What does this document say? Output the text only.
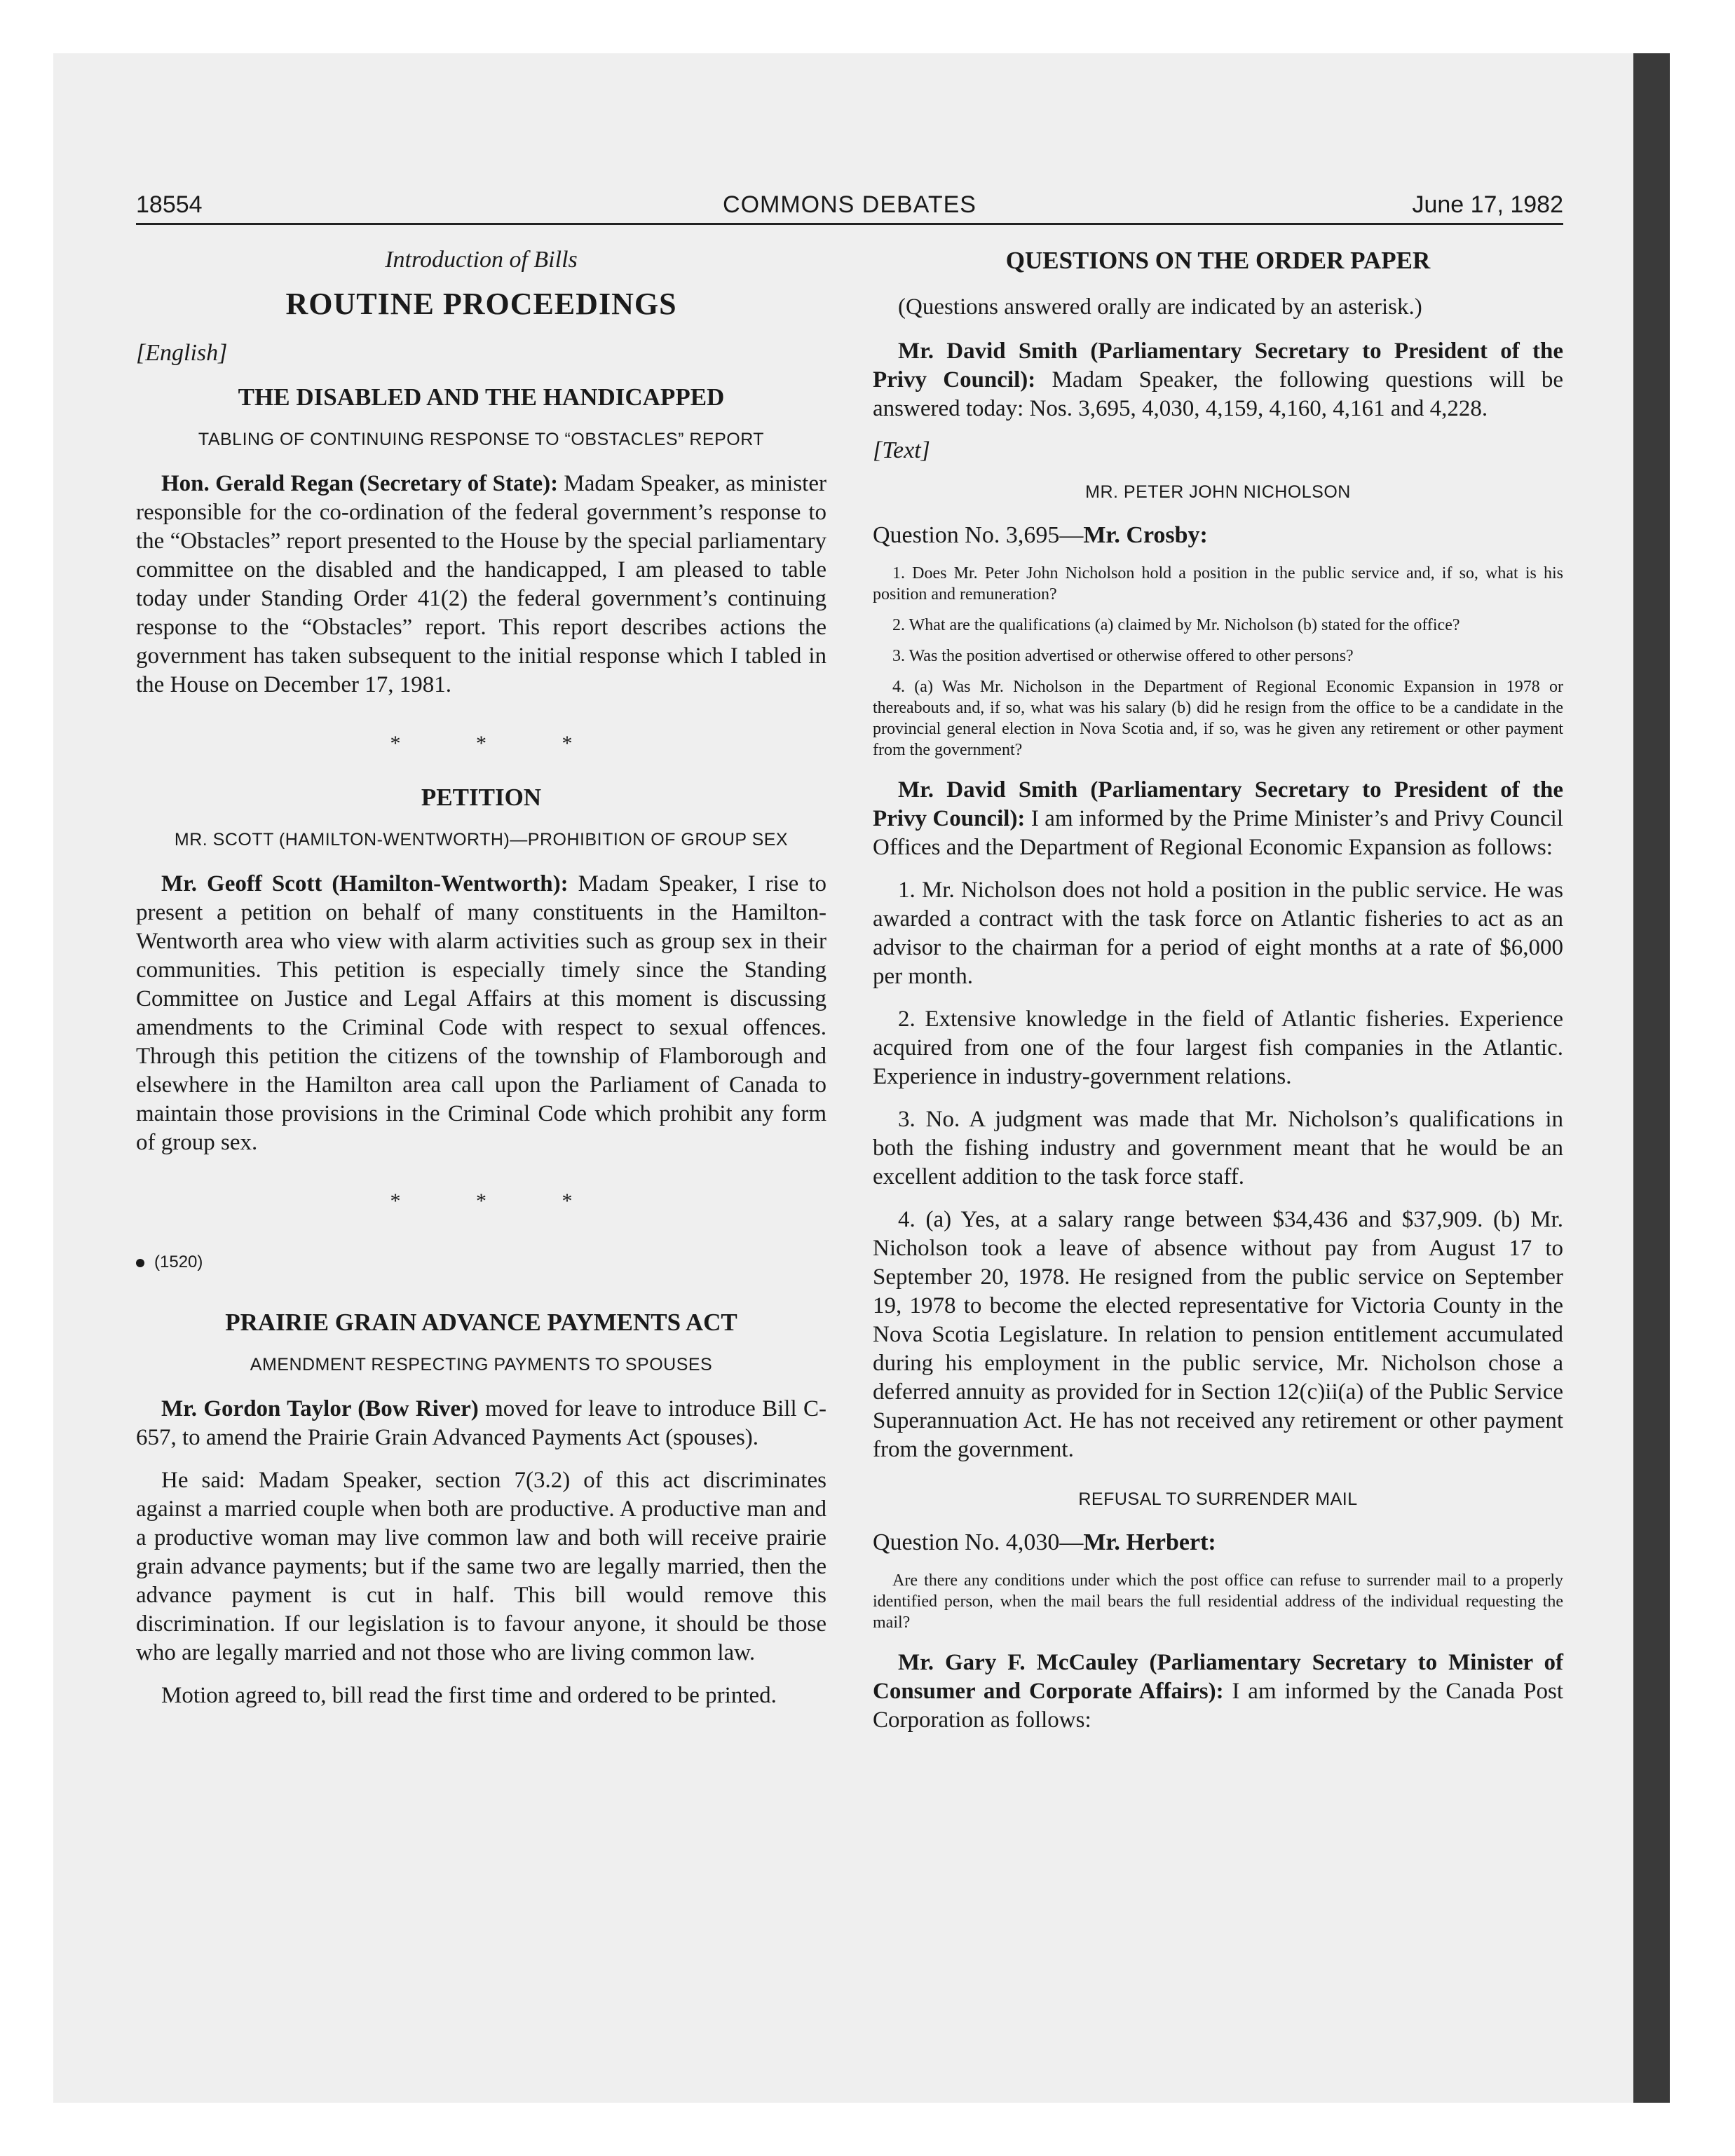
18554	COMMONS DEBATES	June 17, 1982

Introduction of Bills

ROUTINE PROCEEDINGS

[English]

THE DISABLED AND THE HANDICAPPED

TABLING OF CONTINUING RESPONSE TO “OBSTACLES” REPORT

Hon. Gerald Regan (Secretary of State): Madam Speaker, as minister responsible for the co-ordination of the federal government’s response to the “Obstacles” report presented to the House by the special parliamentary committee on the disabled and the handicapped, I am pleased to table today under Standing Order 41(2) the federal government’s continuing response to the “Obstacles” report. This report describes actions the government has taken subsequent to the initial response which I tabled in the House on December 17, 1981.

* * *

PETITION

MR. SCOTT (HAMILTON-WENTWORTH)—PROHIBITION OF GROUP SEX

Mr. Geoff Scott (Hamilton-Wentworth): Madam Speaker, I rise to present a petition on behalf of many constituents in the Hamilton-Wentworth area who view with alarm activities such as group sex in their communities. This petition is especially timely since the Standing Committee on Justice and Legal Affairs at this moment is discussing amendments to the Criminal Code with respect to sexual offences. Through this petition the citizens of the township of Flamborough and elsewhere in the Hamilton area call upon the Parliament of Canada to maintain those provisions in the Criminal Code which prohibit any form of group sex.

* * *

(1520)

PRAIRIE GRAIN ADVANCE PAYMENTS ACT

AMENDMENT RESPECTING PAYMENTS TO SPOUSES

Mr. Gordon Taylor (Bow River) moved for leave to introduce Bill C-657, to amend the Prairie Grain Advanced Payments Act (spouses).

He said: Madam Speaker, section 7(3.2) of this act discriminates against a married couple when both are productive. A productive man and a productive woman may live common law and both will receive prairie grain advance payments; but if the same two are legally married, then the advance payment is cut in half. This bill would remove this discrimination. If our legislation is to favour anyone, it should be those who are legally married and not those who are living common law.

Motion agreed to, bill read the first time and ordered to be printed.

QUESTIONS ON THE ORDER PAPER

(Questions answered orally are indicated by an asterisk.)

Mr. David Smith (Parliamentary Secretary to President of the Privy Council): Madam Speaker, the following questions will be answered today: Nos. 3,695, 4,030, 4,159, 4,160, 4,161 and 4,228.

[Text]

MR. PETER JOHN NICHOLSON

Question No. 3,695—Mr. Crosby:

1. Does Mr. Peter John Nicholson hold a position in the public service and, if so, what is his position and remuneration?

2. What are the qualifications (a) claimed by Mr. Nicholson (b) stated for the office?

3. Was the position advertised or otherwise offered to other persons?

4. (a) Was Mr. Nicholson in the Department of Regional Economic Expansion in 1978 or thereabouts and, if so, what was his salary (b) did he resign from the office to be a candidate in the provincial general election in Nova Scotia and, if so, was he given any retirement or other payment from the government?

Mr. David Smith (Parliamentary Secretary to President of the Privy Council): I am informed by the Prime Minister’s and Privy Council Offices and the Department of Regional Economic Expansion as follows:

1. Mr. Nicholson does not hold a position in the public service. He was awarded a contract with the task force on Atlantic fisheries to act as an advisor to the chairman for a period of eight months at a rate of $6,000 per month.

2. Extensive knowledge in the field of Atlantic fisheries. Experience acquired from one of the four largest fish companies in the Atlantic. Experience in industry-government relations.

3. No. A judgment was made that Mr. Nicholson’s qualifications in both the fishing industry and government meant that he would be an excellent addition to the task force staff.

4. (a) Yes, at a salary range between $34,436 and $37,909. (b) Mr. Nicholson took a leave of absence without pay from August 17 to September 20, 1978. He resigned from the public service on September 19, 1978 to become the elected representative for Victoria County in the Nova Scotia Legislature. In relation to pension entitlement accumulated during his employment in the public service, Mr. Nicholson chose a deferred annuity as provided for in Section 12(c)ii(a) of the Public Service Superannuation Act. He has not received any retirement or other payment from the government.

REFUSAL TO SURRENDER MAIL

Question No. 4,030—Mr. Herbert:

Are there any conditions under which the post office can refuse to surrender mail to a properly identified person, when the mail bears the full residential address of the individual requesting the mail?

Mr. Gary F. McCauley (Parliamentary Secretary to Minister of Consumer and Corporate Affairs): I am informed by the Canada Post Corporation as follows:
